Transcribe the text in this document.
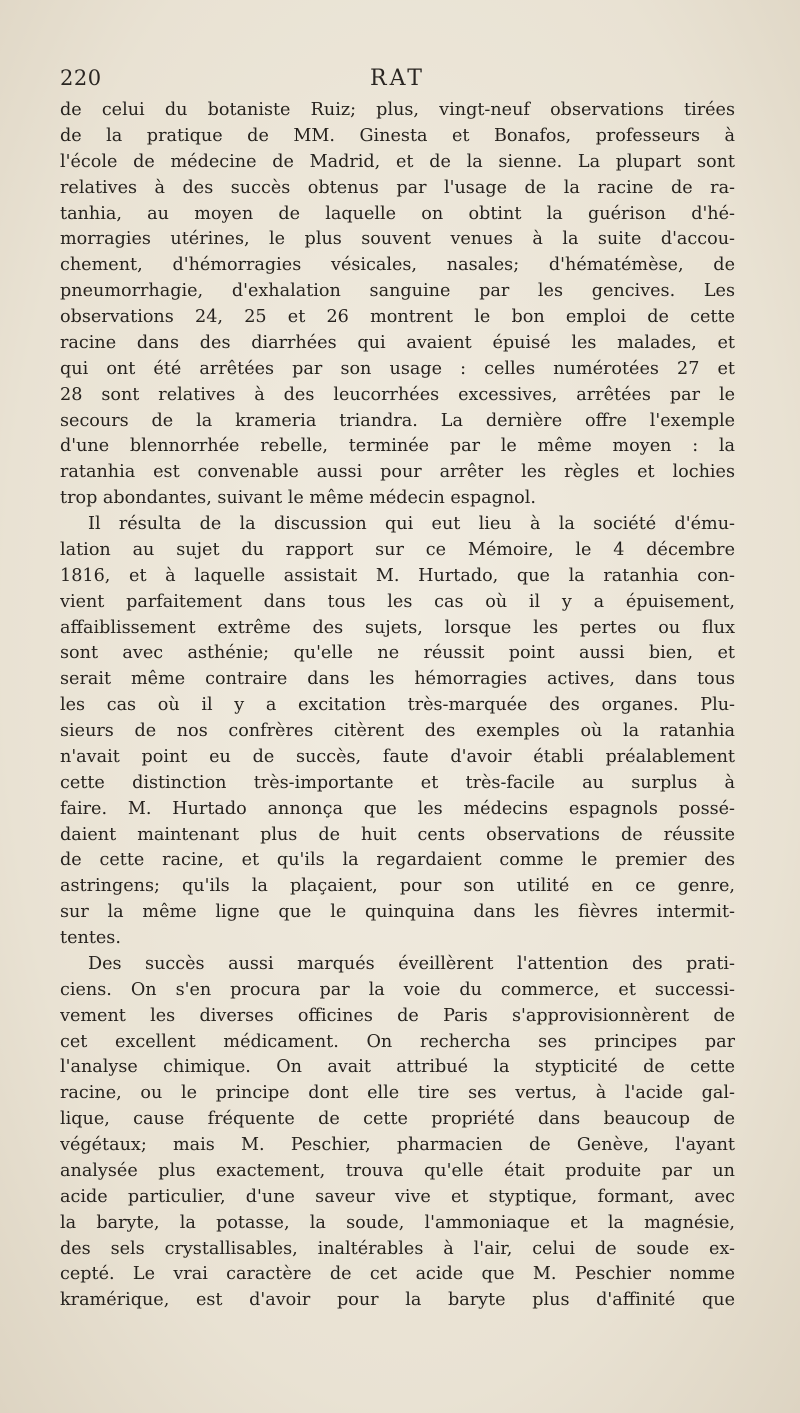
220	RAT
de celui du botaniste Ruiz; plus, vingt-neuf observations tirées
de la pratique de MM. Ginesta et Bonafos, professeurs à
l'école de médecine de Madrid, et de la sienne. La plupart sont
relatives à des succès obtenus par l'usage de la racine de ra-
tanhia, au moyen de laquelle on obtint la guérison d'hé-
morragies utérines, le plus souvent venues à la suite d'accou-
chement, d'hémorragies vésicales, nasales; d'hématémèse, de
pneumorrhagie, d'exhalation sanguine par les gencives. Les
observations 24, 25 et 26 montrent le bon emploi de cette
racine dans des diarrhées qui avaient épuisé les malades, et
qui ont été arrêtées par son usage : celles numérotées 27 et
28 sont relatives à des leucorrhées excessives, arrêtées par le
secours de la krameria triandra. La dernière offre l'exemple
d'une blennorrhée rebelle, terminée par le même moyen : la
ratanhia est convenable aussi pour arrêter les règles et lochies
trop abondantes, suivant le même médecin espagnol.
Il résulta de la discussion qui eut lieu à la société d'ému-
lation au sujet du rapport sur ce Mémoire, le 4 décembre
1816, et à laquelle assistait M. Hurtado, que la ratanhia con-
vient parfaitement dans tous les cas où il y a épuisement,
affaiblissement extrême des sujets, lorsque les pertes ou flux
sont avec asthénie; qu'elle ne réussit point aussi bien, et
serait même contraire dans les hémorragies actives, dans tous
les cas où il y a excitation très-marquée des organes. Plu-
sieurs de nos confrères citèrent des exemples où la ratanhia
n'avait point eu de succès, faute d'avoir établi préalablement
cette distinction très-importante et très-facile au surplus à
faire. M. Hurtado annonça que les médecins espagnols possé-
daient maintenant plus de huit cents observations de réussite
de cette racine, et qu'ils la regardaient comme le premier des
astringens; qu'ils la plaçaient, pour son utilité en ce genre,
sur la même ligne que le quinquina dans les fièvres intermit-
tentes.
Des succès aussi marqués éveillèrent l'attention des prati-
ciens. On s'en procura par la voie du commerce, et successi-
vement les diverses officines de Paris s'approvisionnèrent de
cet excellent médicament. On rechercha ses principes par
l'analyse chimique. On avait attribué la stypticité de cette
racine, ou le principe dont elle tire ses vertus, à l'acide gal-
lique, cause fréquente de cette propriété dans beaucoup de
végétaux; mais M. Peschier, pharmacien de Genève, l'ayant
analysée plus exactement, trouva qu'elle était produite par un
acide particulier, d'une saveur vive et styptique, formant, avec
la baryte, la potasse, la soude, l'ammoniaque et la magnésie,
des sels crystallisables, inaltérables à l'air, celui de soude ex-
cepté. Le vrai caractère de cet acide que M. Peschier nomme
kramérique, est d'avoir pour la baryte plus d'affinité que
